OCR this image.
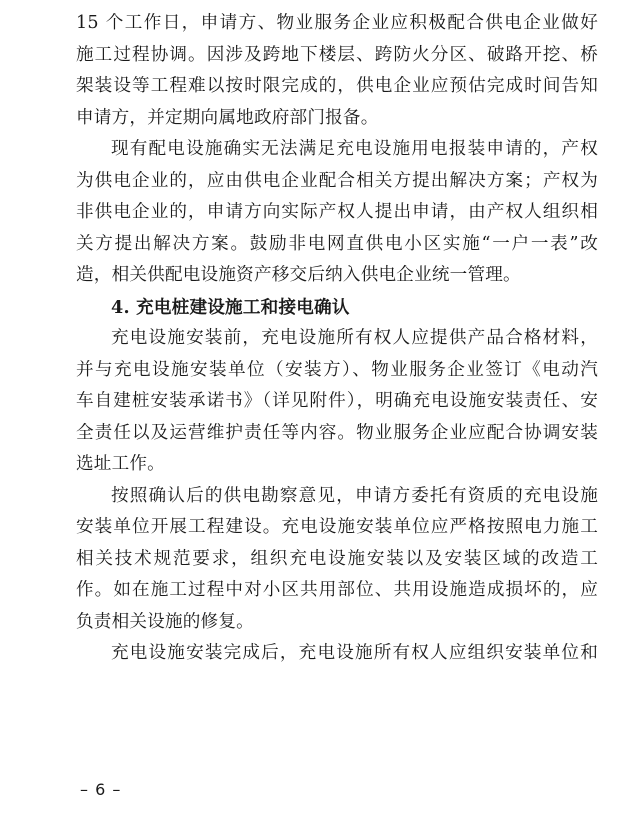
15 个工作日，申请方、物业服务企业应积极配合供电企业做好
施工过程协调。因涉及跨地下楼层、跨防火分区、破路开挖、桥
架装设等工程难以按时限完成的，供电企业应预估完成时间告知
申请方，并定期向属地政府部门报备。
现有配电设施确实无法满足充电设施用电报装申请的，产权
为供电企业的，应由供电企业配合相关方提出解决方案；产权为
非供电企业的，申请方向实际产权人提出申请，由产权人组织相
关方提出解决方案。鼓励非电网直供电小区实施“一户一表”改
造，相关供配电设施资产移交后纳入供电企业统一管理。
4. 充电桩建设施工和接电确认
充电设施安装前，充电设施所有权人应提供产品合格材料，
并与充电设施安装单位（安装方）、物业服务企业签订《电动汽
车自建桩安装承诺书》（详见附件），明确充电设施安装责任、安
全责任以及运营维护责任等内容。物业服务企业应配合协调安装
选址工作。
按照确认后的供电勘察意见，申请方委托有资质的充电设施
安装单位开展工程建设。充电设施安装单位应严格按照电力施工
相关技术规范要求，组织充电设施安装以及安装区域的改造工
作。如在施工过程中对小区共用部位、共用设施造成损坏的，应
负责相关设施的修复。
充电设施安装完成后，充电设施所有权人应组织安装单位和
– 6 –
